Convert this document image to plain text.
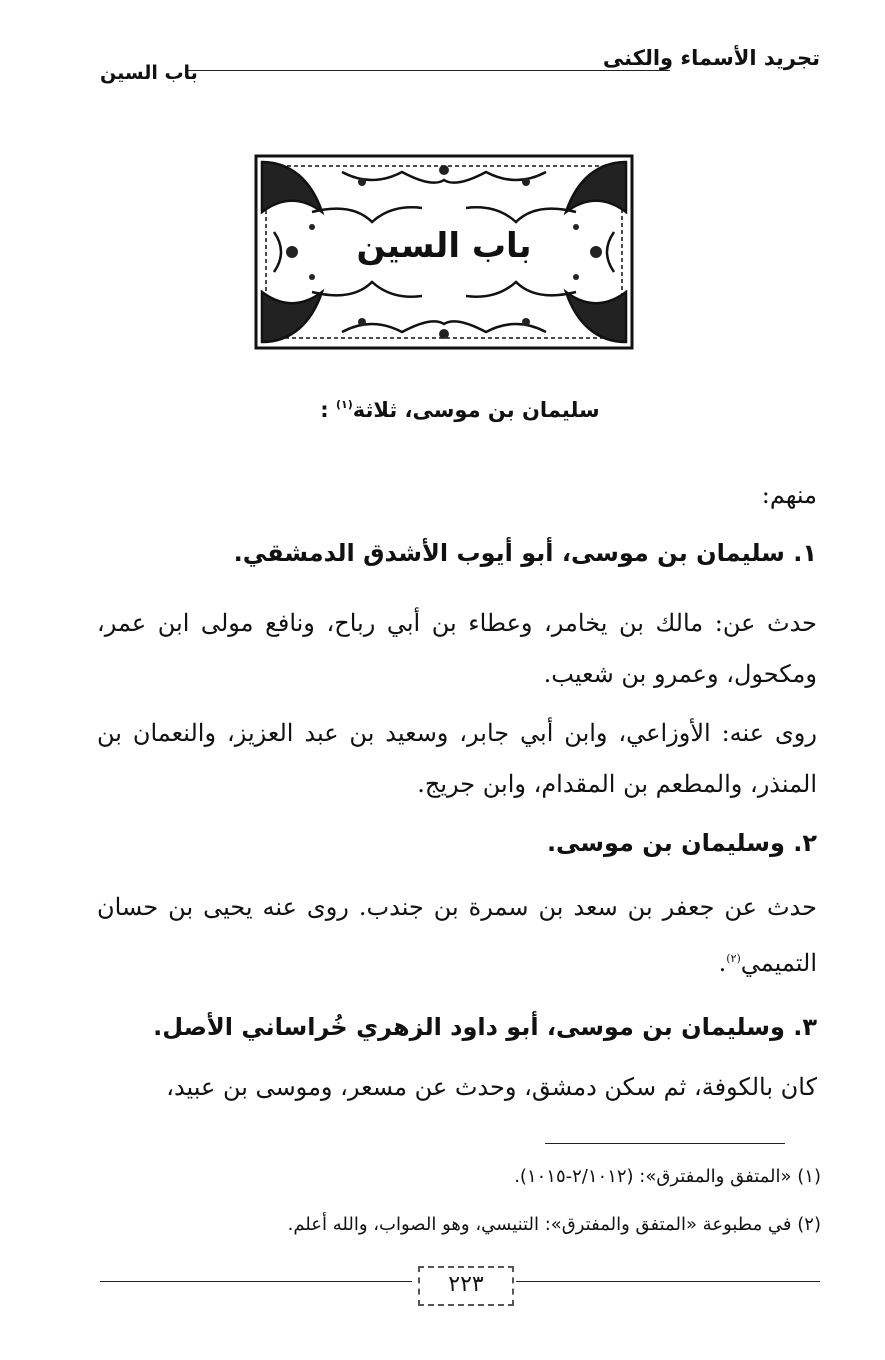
تجريد الأسماء والكنى
باب السين
باب السين
سليمان بن موسى، ثلاثة$^{(١)}$ :
منهم:
١. سليمان بن موسى، أبو أيوب الأشدق الدمشقي.
حدث عن: مالك بن يخامر، وعطاء بن أبي رباح، ونافع مولى ابن عمر، ومكحول، وعمرو بن شعيب.
روى عنه: الأوزاعي، وابن أبي جابر، وسعيد بن عبد العزيز، والنعمان بن المنذر، والمطعم بن المقدام، وابن جريج.
٢. وسليمان بن موسى.
حدث عن جعفر بن سعد بن سمرة بن جندب. روى عنه يحيى بن حسان التميمي$^{(٢)}$.
٣. وسليمان بن موسى، أبو داود الزهري خُراساني الأصل.
كان بالكوفة، ثم سكن دمشق، وحدث عن مسعر، وموسى بن عبيد،
(١) «المتفق والمفترق»: (٢/١٠١٢-١٠١٥).
(٢) في مطبوعة «المتفق والمفترق»: التنيسي، وهو الصواب، والله أعلم.
٢٢٣
